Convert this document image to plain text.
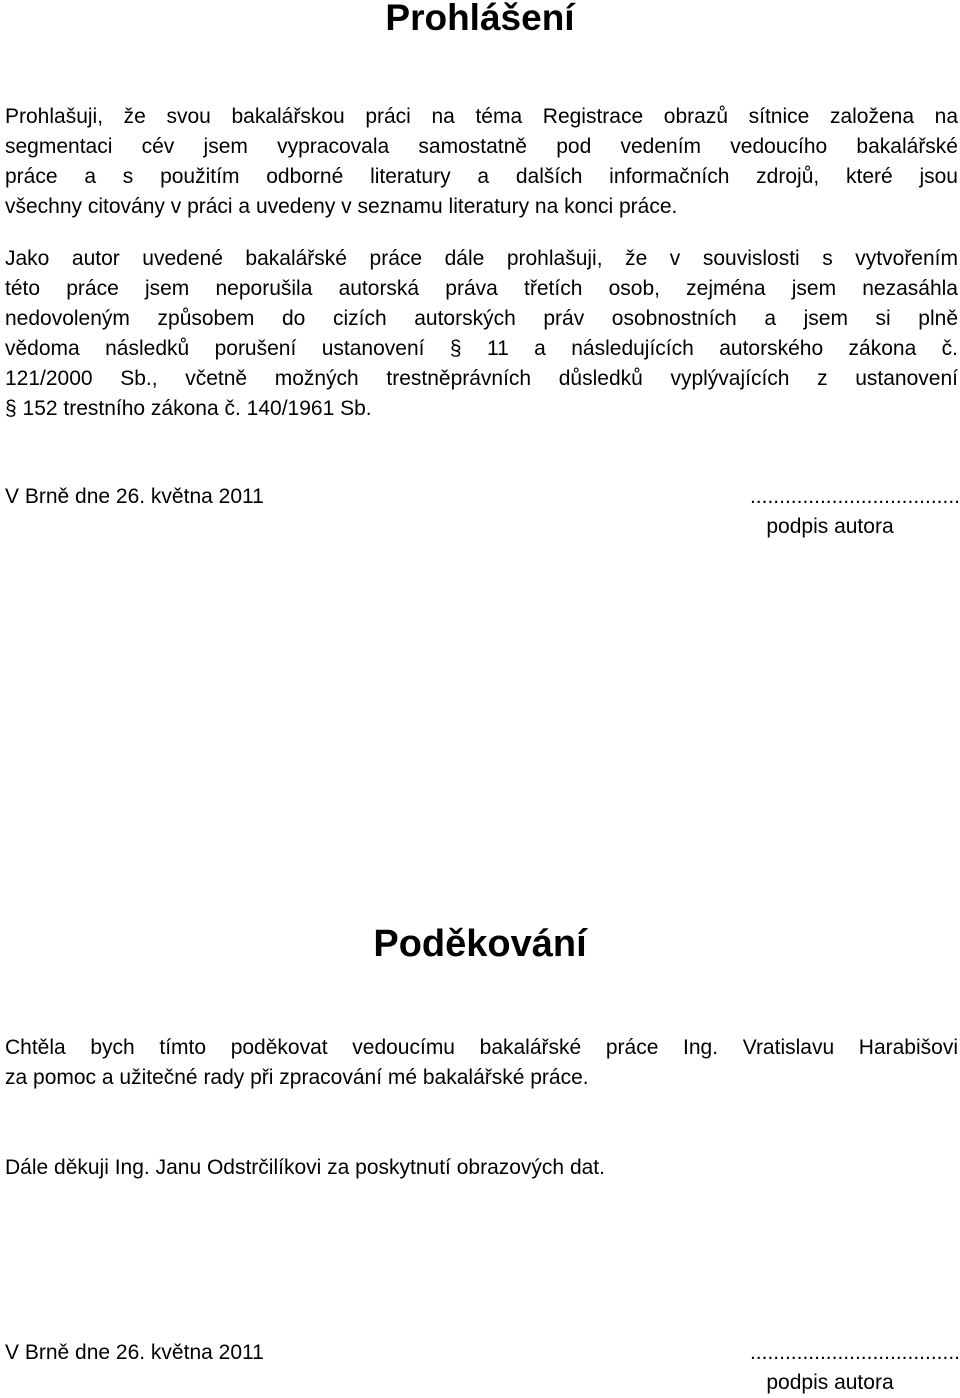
Prohlášení

Prohlašuji, že svou bakalářskou práci na téma Registrace obrazů sítnice založena na
segmentaci cév jsem vypracovala samostatně pod vedením vedoucího bakalářské
práce a s použitím odborné literatury a dalších informačních zdrojů, které jsou
všechny citovány v práci a uvedeny v seznamu literatury na konci práce.

Jako autor uvedené bakalářské práce dále prohlašuji, že v souvislosti s vytvořením
této práce jsem neporušila autorská práva třetích osob, zejména jsem nezasáhla
nedovoleným způsobem do cizích autorských práv osobnostních a jsem si plně
vědoma následků porušení ustanovení § 11 a následujících autorského zákona č.
121/2000 Sb., včetně možných trestněprávních důsledků vyplývajících z ustanovení
§ 152 trestního zákona č. 140/1961 Sb.

V Brně dne 26. května 2011	....................................
podpis autora
Poděkování

Chtěla bych tímto poděkovat vedoucímu bakalářské práce Ing. Vratislavu Harabišovi
za pomoc a užitečné rady při zpracování mé bakalářské práce.

Dále děkuji Ing. Janu Odstrčilíkovi za poskytnutí obrazových dat.

V Brně dne 26. května 2011	....................................
podpis autora
